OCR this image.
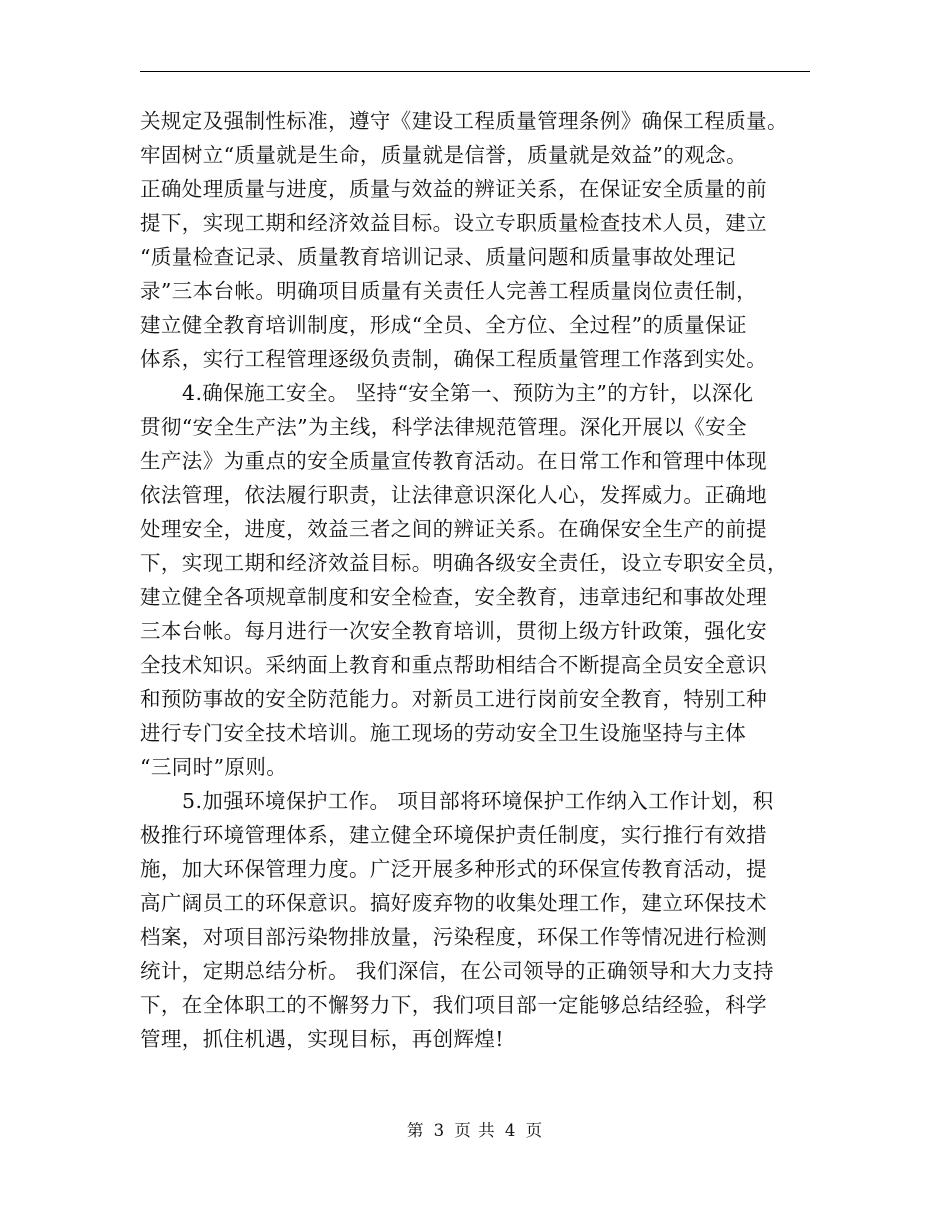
关规定及强制性标准，遵守《建设工程质量管理条例》确保工程质量。
牢固树立“质量就是生命，质量就是信誉，质量就是效益”的观念。
正确处理质量与进度，质量与效益的辨证关系，在保证安全质量的前
提下，实现工期和经济效益目标。设立专职质量检查技术人员，建立
“质量检查记录、质量教育培训记录、质量问题和质量事故处理记
录”三本台帐。明确项目质量有关责任人完善工程质量岗位责任制，
建立健全教育培训制度，形成“全员、全方位、全过程”的质量保证
体系，实行工程管理逐级负责制，确保工程质量管理工作落到实处。
4.确保施工安全。 坚持“安全第一、预防为主”的方针，以深化
贯彻“安全生产法”为主线，科学法律规范管理。深化开展以《安全
生产法》为重点的安全质量宣传教育活动。在日常工作和管理中体现
依法管理，依法履行职责，让法律意识深化人心，发挥威力。正确地
处理安全，进度，效益三者之间的辨证关系。在确保安全生产的前提
下，实现工期和经济效益目标。明确各级安全责任，设立专职安全员，
建立健全各项规章制度和安全检查，安全教育，违章违纪和事故处理
三本台帐。每月进行一次安全教育培训，贯彻上级方针政策，强化安
全技术知识。采纳面上教育和重点帮助相结合不断提高全员安全意识
和预防事故的安全防范能力。对新员工进行岗前安全教育，特别工种
进行专门安全技术培训。施工现场的劳动安全卫生设施坚持与主体
“三同时”原则。
5.加强环境保护工作。 项目部将环境保护工作纳入工作计划，积
极推行环境管理体系，建立健全环境保护责任制度，实行推行有效措
施，加大环保管理力度。广泛开展多种形式的环保宣传教育活动，提
高广阔员工的环保意识。搞好废弃物的收集处理工作，建立环保技术
档案，对项目部污染物排放量，污染程度，环保工作等情况进行检测
统计，定期总结分析。 我们深信，在公司领导的正确领导和大力支持
下，在全体职工的不懈努力下，我们项目部一定能够总结经验，科学
管理，抓住机遇，实现目标，再创辉煌!
第 3 页 共 4 页
